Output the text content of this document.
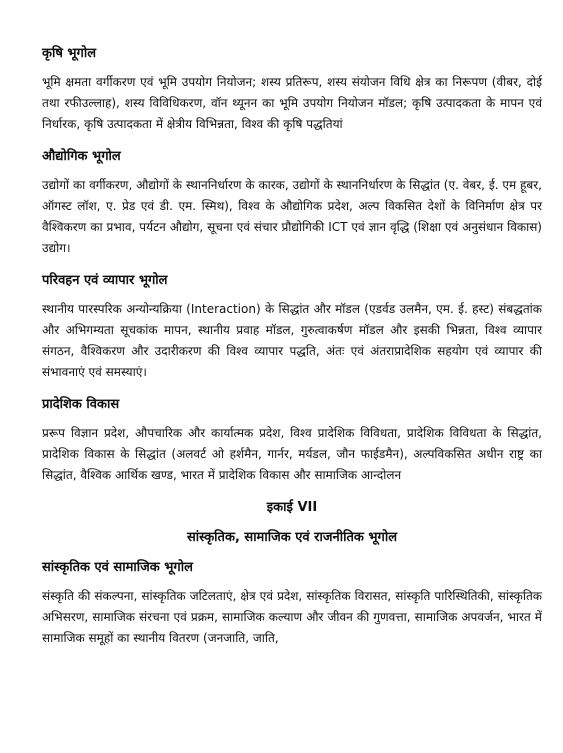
कृषि भूगोल
भूमि क्षमता वर्गीकरण एवं भूमि उपयोग नियोजन; शस्य प्रतिरूप, शस्य संयोजन विधि क्षेत्र का निरूपण (वीबर, दोई तथा रफीउल्लाह), शस्य विविधिकरण, वॉन थ्यूनन का भूमि उपयोग नियोजन मॉडल; कृषि उत्पादकता के मापन एवं निर्धारक, कृषि उत्पादकता में क्षेत्रीय विभिन्नता, विश्व की कृषि पद्धतियां
औद्योगिक भूगोल
उद्योगों का वर्गीकरण, औद्योगों के स्थाननिर्धारण के कारक, उद्योगों के स्थाननिर्धारण के सिद्धांत (ए. वेबर, ई. एम हूबर, ऑगस्ट लॉश, ए. प्रेड एवं डी. एम. स्मिथ), विश्व के औद्योगिक प्रदेश, अल्प विकसित देशों के विनिर्माण क्षेत्र पर वैश्विकरण का प्रभाव, पर्यटन औद्योग, सूचना एवं संचार प्रौद्योगिकी ICT एवं ज्ञान वृद्धि (शिक्षा एवं अनुसंधान विकास) उद्योग।
परिवहन एवं व्यापार भूगोल
स्थानीय पारस्परिक अन्योन्यक्रिया (Interaction) के सिद्धांत और मॉडल (एडर्वड उलमैन, एम. ई. हस्ट) संबद्धतांक और अभिगम्यता सूचकांक मापन, स्थानीय प्रवाह मॉडल, गुरुत्वाकर्षण मॉडल और इसकी भिन्नता, विश्व व्यापार संगठन, वैश्विकरण और उदारीकरण की विश्व व्यापार पद्धति, अंतः एवं अंतराप्रादेशिक सहयोग एवं व्यापार की संभावनाएं एवं समस्याएं।
प्रादेशिक विकास
प्ररूप विज्ञान प्रदेश, औपचारिक और कार्यात्मक प्रदेश, विश्व प्रादेशिक विविधता, प्रादेशिक विविधता के सिद्धांत, प्रादेशिक विकास के सिद्धांत (अलवर्ट ओ हर्शमैन, गार्नर, मर्यडल, जौन फाईडमैन), अल्पविकसित अधीन राष्ट्र का सिद्धांत, वैश्विक आर्थिक खण्ड, भारत में प्रादेशिक विकास और सामाजिक आन्दोलन
इकाई VII
सांस्कृतिक, सामाजिक एवं राजनीतिक भूगोल
सांस्कृतिक एवं सामाजिक भूगोल
संस्कृति की संकल्पना, सांस्कृतिक जटिलताएं, क्षेत्र एवं प्रदेश, सांस्कृतिक विरासत, सांस्कृति पारिस्थितिकी, सांस्कृतिक अभिसरण, सामाजिक संरचना एवं प्रक्रम, सामाजिक कल्याण और जीवन की गुणवत्ता, सामाजिक अपवर्जन, भारत में सामाजिक समूहों का स्थानीय वितरण (जनजाति, जाति,
